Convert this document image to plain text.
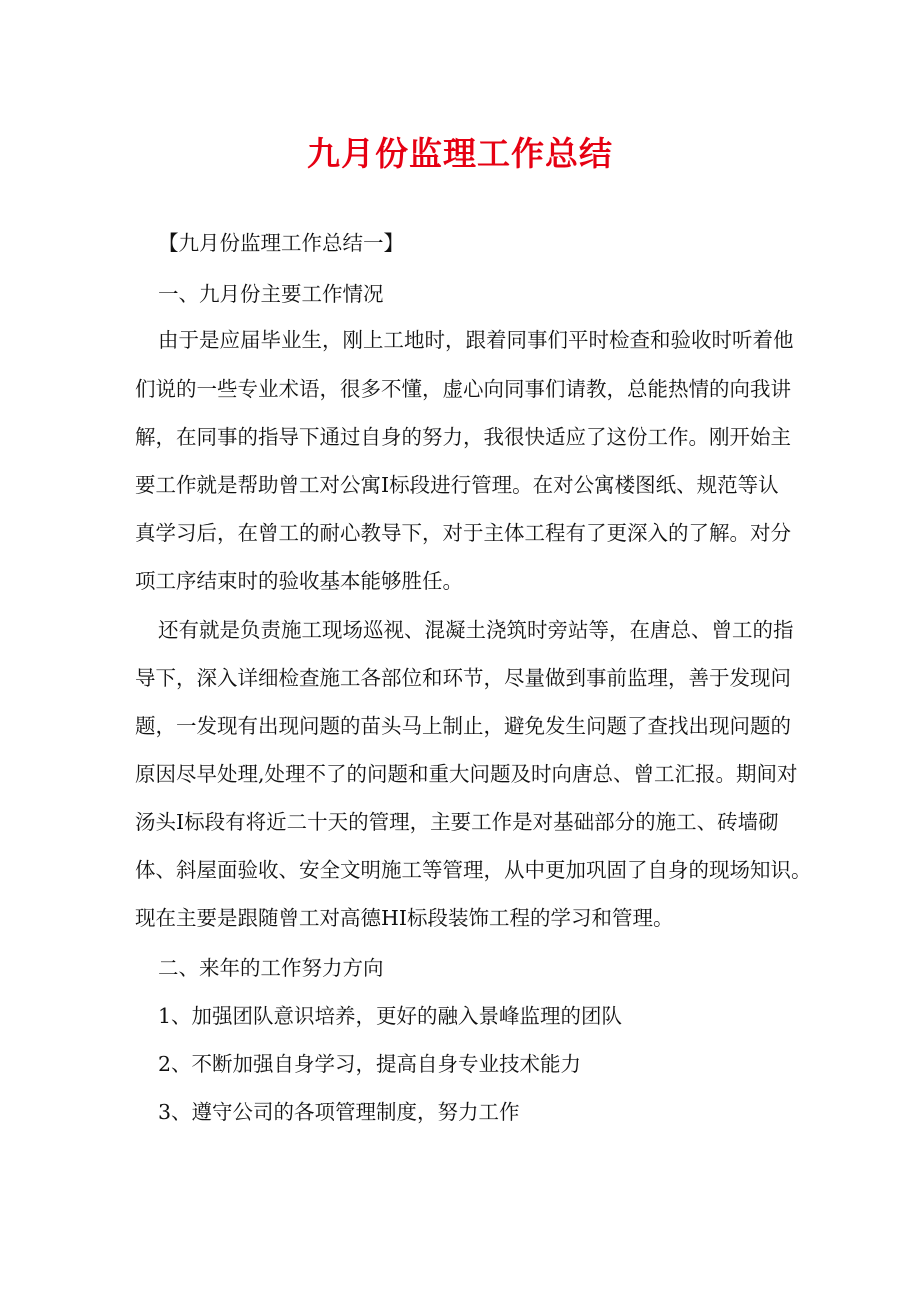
九月份监理工作总结

【九月份监理工作总结一】

一、九月份主要工作情况

由于是应届毕业生，刚上工地时，跟着同事们平时检查和验收时听着他

们说的一些专业术语，很多不懂，虚心向同事们请教，总能热情的向我讲

解，在同事的指导下通过自身的努力，我很快适应了这份工作。刚开始主

要工作就是帮助曾工对公寓Ⅰ标段进行管理。在对公寓楼图纸、规范等认

真学习后，在曾工的耐心教导下，对于主体工程有了更深入的了解。对分

项工序结束时的验收基本能够胜任。

还有就是负责施工现场巡视、混凝土浇筑时旁站等，在唐总、曾工的指

导下，深入详细检查施工各部位和环节，尽量做到事前监理，善于发现问

题，一发现有出现问题的苗头马上制止，避免发生问题了查找出现问题的

原因尽早处理,处理不了的问题和重大问题及时向唐总、曾工汇报。期间对

汤头Ⅰ标段有将近二十天的管理，主要工作是对基础部分的施工、砖墙砌

体、斜屋面验收、安全文明施工等管理，从中更加巩固了自身的现场知识。

现在主要是跟随曾工对高德HI标段装饰工程的学习和管理。

二、来年的工作努力方向

1、加强团队意识培养，更好的融入景峰监理的团队

2、不断加强自身学习，提高自身专业技术能力

3、遵守公司的各项管理制度，努力工作
